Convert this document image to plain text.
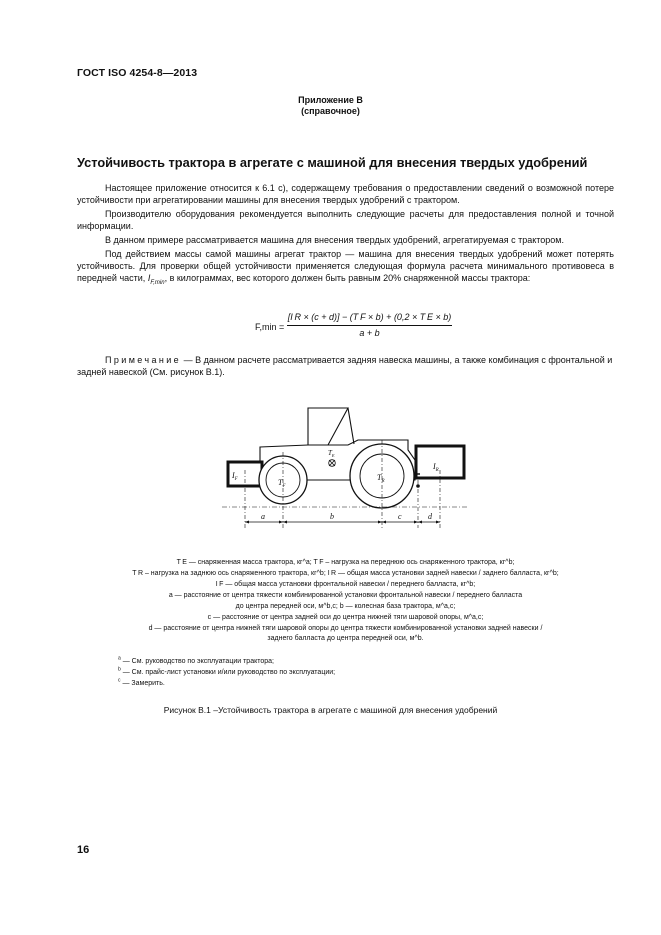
ГОСТ ISO 4254-8—2013
Приложение В
(справочное)
Устойчивость трактора в агрегате с машиной для внесения твердых удобрений

Настоящее приложение относится к 6.1 с), содержащему требования о предоставлении сведений о возможной потере устойчивости при агрегатировании машины для внесения твердых удобрений с трактором.

Производителю оборудования рекомендуется выполнить следующие расчеты для предоставления полной и точной информации.

В данном примере рассматривается машина для внесения твердых удобрений, агрегатируемая с трактором.

Под действием массы самой машины агрегат трактор — машина для внесения твердых удобрений может потерять устойчивость. Для проверки общей устойчивости применяется следующая формула расчета минимального противовеса в передней части, $I_{F,min}$, в килограммах, вес которого должен быть равным 20% снаряженной массы трактора:

F,min =
[I R × (c + d)] − (T F × b) + (0,2 × T E × b)
a + b
Примечание — В данном расчете рассматривается задняя навеска машины, а также комбинация с фронтальной и задней навеской (См. рисунок В.1).
$I_F$
$I_R$
$T_F$
$T_R$
$T_E$
a	b	c	d
T E — снаряженная масса трактора, кг^a; T F – нагрузка на переднюю ось снаряженного трактора, кг^b;
T R – нагрузка на заднюю ось снаряженного трактора, кг^b; I R — общая масса установки задней навески / заднего балласта, кг^b;
I F — общая масса установки фронтальной навески / переднего балласта, кг^b;
a — расстояние от центра тяжести комбинированной установки фронтальной навески / переднего балласта
до центра передней оси, м^b,c; b — колесная база трактора, м^a,c;
c — расстояние от центра задней оси до центра нижней тяги шаровой опоры, м^a,c;
d — расстояние от центра нижней тяги шаровой опоры до центра тяжести комбинированной установки задней навески /
заднего балласта до центра передней оси, м^b.
$^a$ — См. руководство по эксплуатации трактора;
$^b$ — См. прайс-лист установки и/или руководство по эксплуатации;
$^c$ — Замерить.
Рисунок В.1 –Устойчивость трактора в агрегате с машиной для внесения удобрений
16
